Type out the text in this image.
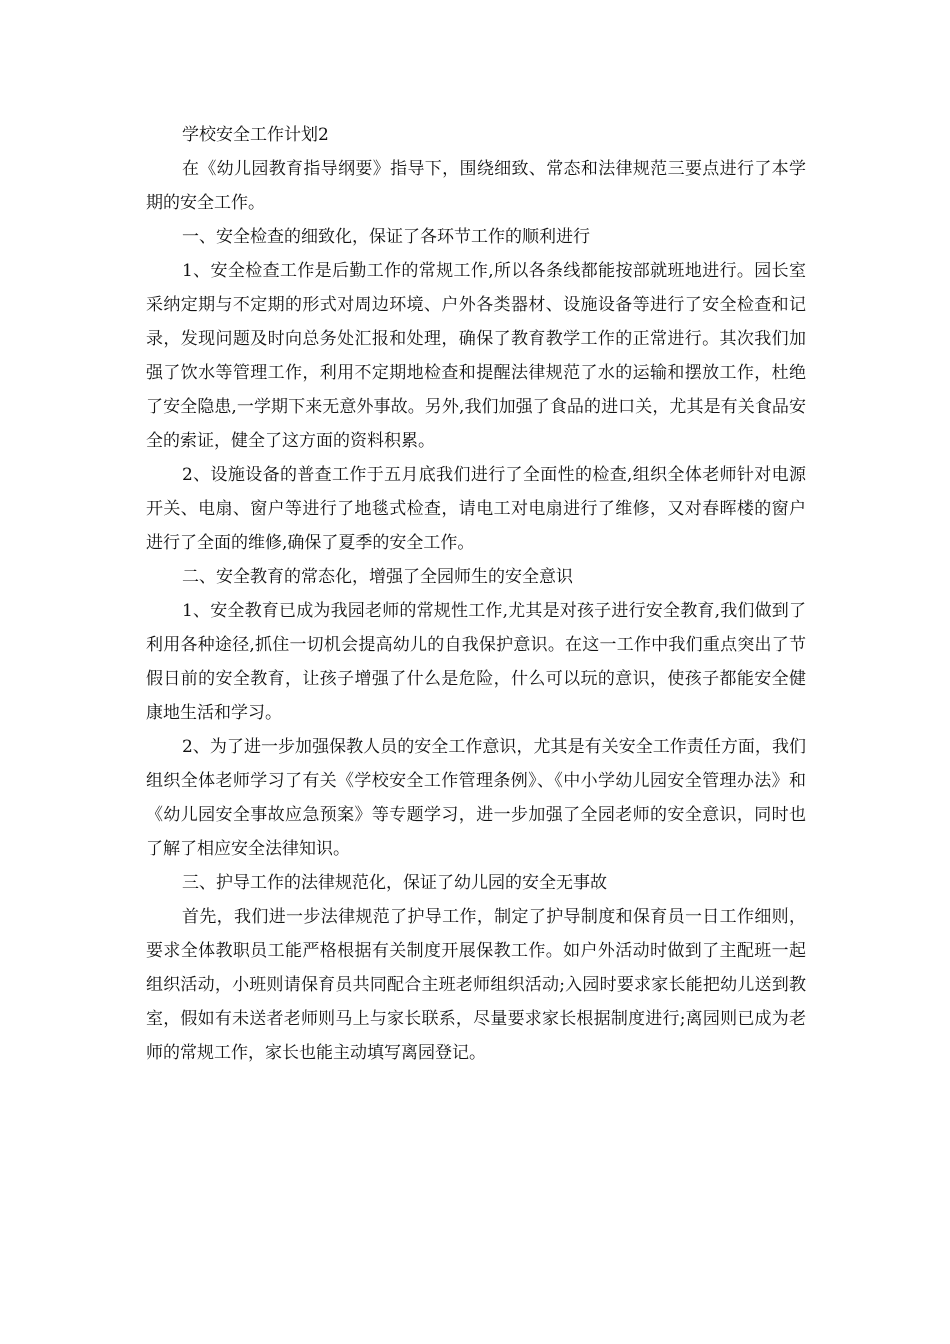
学校安全工作计划2

在《幼儿园教育指导纲要》指导下，围绕细致、常态和法律规范三要点进行了本学期的安全工作。

一、安全检查的细致化，保证了各环节工作的顺利进行

1、安全检查工作是后勤工作的常规工作,所以各条线都能按部就班地进行。园长室采纳定期与不定期的形式对周边环境、户外各类器材、设施设备等进行了安全检查和记录，发现问题及时向总务处汇报和处理，确保了教育教学工作的正常进行。其次我们加强了饮水等管理工作，利用不定期地检查和提醒法律规范了水的运输和摆放工作，杜绝了安全隐患,一学期下来无意外事故。另外,我们加强了食品的进口关，尤其是有关食品安全的索证，健全了这方面的资料积累。

2、设施设备的普查工作于五月底我们进行了全面性的检查,组织全体老师针对电源开关、电扇、窗户等进行了地毯式检查，请电工对电扇进行了维修，又对春晖楼的窗户进行了全面的维修,确保了夏季的安全工作。

二、安全教育的常态化，增强了全园师生的安全意识

1、安全教育已成为我园老师的常规性工作,尤其是对孩子进行安全教育,我们做到了利用各种途径,抓住一切机会提高幼儿的自我保护意识。在这一工作中我们重点突出了节假日前的安全教育，让孩子增强了什么是危险，什么可以玩的意识，使孩子都能安全健康地生活和学习。

2、为了进一步加强保教人员的安全工作意识，尤其是有关安全工作责任方面，我们组织全体老师学习了有关《学校安全工作管理条例》、《中小学幼儿园安全管理办法》和《幼儿园安全事故应急预案》等专题学习，进一步加强了全园老师的安全意识，同时也了解了相应安全法律知识。

三、护导工作的法律规范化，保证了幼儿园的安全无事故

首先，我们进一步法律规范了护导工作，制定了护导制度和保育员一日工作细则，要求全体教职员工能严格根据有关制度开展保教工作。如户外活动时做到了主配班一起组织活动，小班则请保育员共同配合主班老师组织活动;入园时要求家长能把幼儿送到教室，假如有未送者老师则马上与家长联系，尽量要求家长根据制度进行;离园则已成为老师的常规工作，家长也能主动填写离园登记。
